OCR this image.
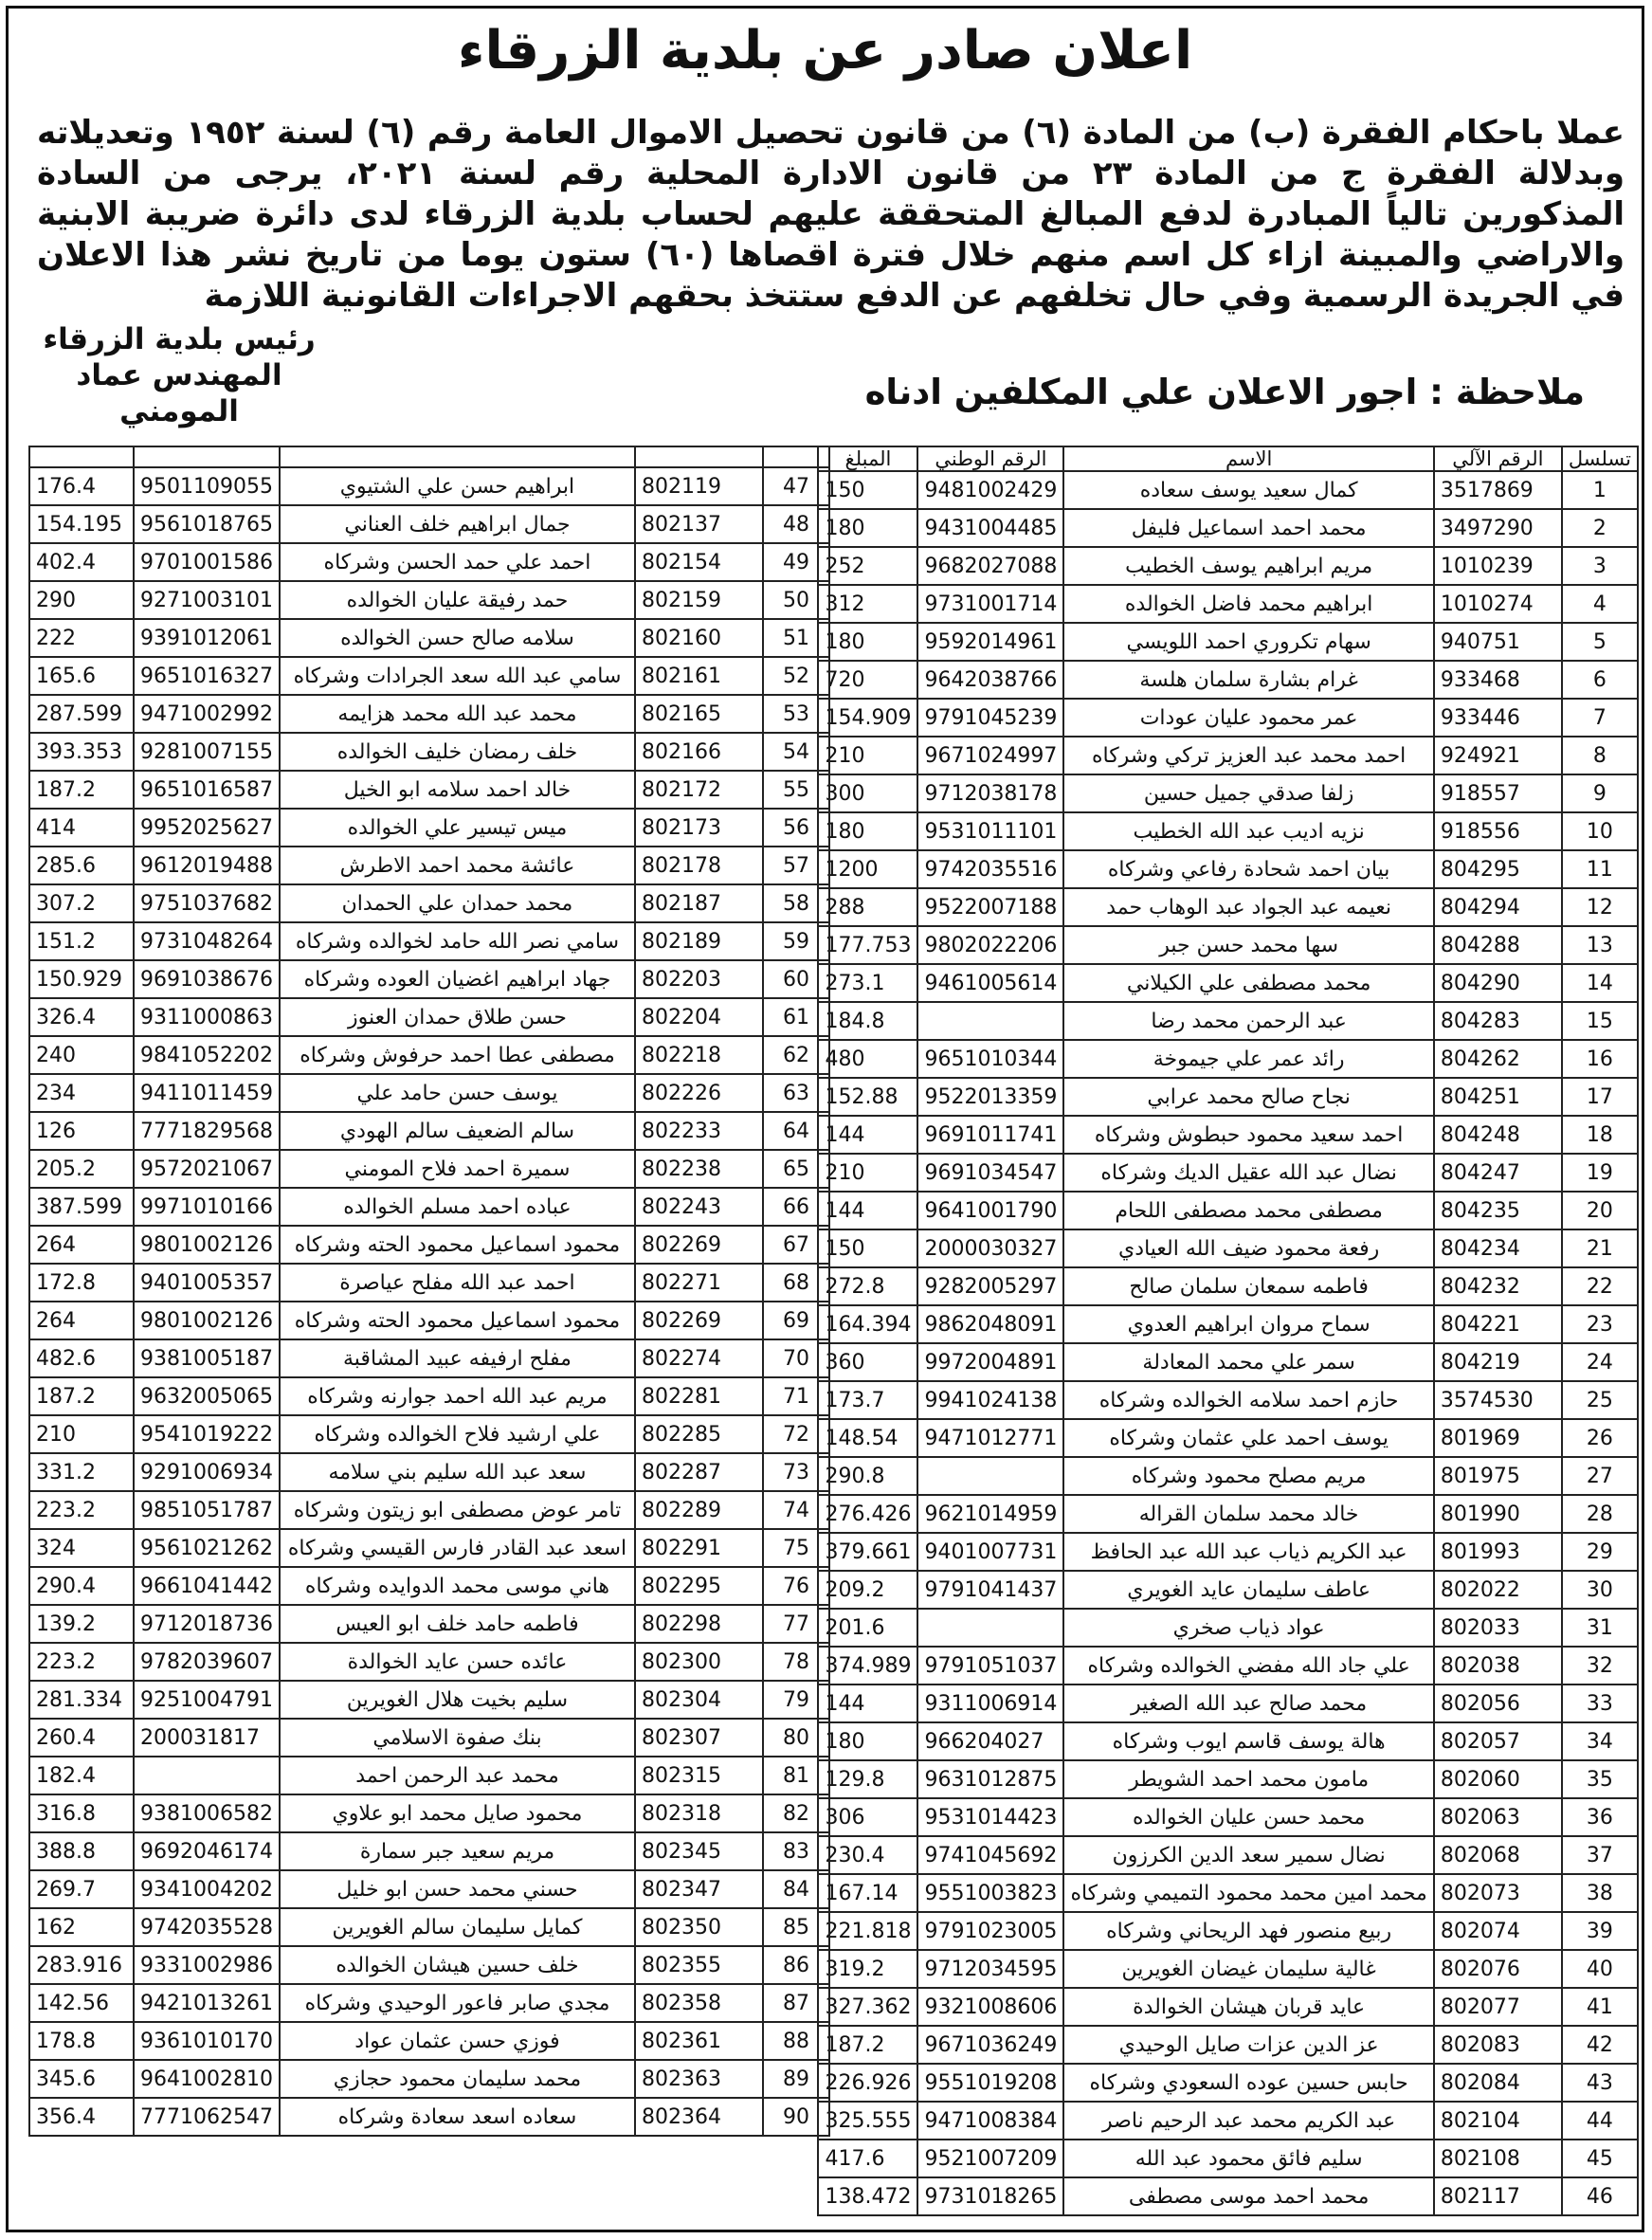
اعلان صادر عن بلدية الزرقاء
عملا باحكام الفقرة (ب) من المادة (٦) من قانون تحصيل الاموال العامة رقم (٦) لسنة ١٩٥٢ وتعديلاته وبدلالة الفقرة ج من المادة ٢٣ من قانون الادارة المحلية رقم لسنة ٢٠٢١، يرجى من السادة المذكورين تالياً المبادرة لدفع المبالغ المتحققة عليهم لحساب بلدية الزرقاء لدى دائرة ضريبة الابنية والاراضي والمبينة ازاء كل اسم منهم خلال فترة اقصاها (٦٠) ستون يوما من تاريخ نشر هذا الاعلان في الجريدة الرسمية وفي حال تخلفهم عن الدفع ستتخذ بحقهم الاجراءات القانونية اللازمة
رئيس بلدية الزرقاء
المهندس عماد المومني	ملاحظة : اجور الاعلان علي المكلفين ادناه
تسلسل	الرقم الآلي	الاسم	الرقم الوطني	المبلغ
1	3517869	كمال سعيد يوسف سعاده	9481002429	150
2	3497290	محمد احمد اسماعيل فليفل	9431004485	180
3	1010239	مريم ابراهيم يوسف الخطيب	9682027088	252
4	1010274	ابراهيم محمد فاضل الخوالده	9731001714	312
5	940751	سهام تكروري احمد اللويسي	9592014961	180
6	933468	غرام بشارة سلمان هلسة	9642038766	720
7	933446	عمر محمود عليان عودات	9791045239	154.909
8	924921	احمد محمد عبد العزيز تركي وشركاه	9671024997	210
9	918557	زلفا صدقي جميل حسين	9712038178	300
10	918556	نزيه اديب عبد الله الخطيب	9531011101	180
11	804295	بيان احمد شحادة رفاعي وشركاه	9742035516	1200
12	804294	نعيمه عبد الجواد عبد الوهاب حمد	9522007188	288
13	804288	سها محمد حسن جبر	9802022206	177.753
14	804290	محمد مصطفى علي الكيلاني	9461005614	273.1
15	804283	عبد الرحمن محمد رضا		184.8
16	804262	رائد عمر علي جيموخة	9651010344	480
17	804251	نجاح صالح محمد عرابي	9522013359	152.88
18	804248	احمد سعيد محمود حبطوش وشركاه	9691011741	144
19	804247	نضال عبد الله عقيل الديك وشركاه	9691034547	210
20	804235	مصطفى محمد مصطفى اللحام	9641001790	144
21	804234	رفعة محمود ضيف الله العيادي	2000030327	150
22	804232	فاطمه سمعان سلمان صالح	9282005297	272.8
23	804221	سماح مروان ابراهيم العدوي	9862048091	164.394
24	804219	سمر علي محمد المعادلة	9972004891	360
25	3574530	حازم احمد سلامه الخوالده وشركاه	9941024138	173.7
26	801969	يوسف احمد علي عثمان وشركاه	9471012771	148.54
27	801975	مريم مصلح محمود وشركاه		290.8
28	801990	خالد محمد سلمان القراله	9621014959	276.426
29	801993	عبد الكريم ذياب عبد الله عبد الحافظ	9401007731	379.661
30	802022	عاطف سليمان عايد الغويري	9791041437	209.2
31	802033	عواد ذياب صخري		201.6
32	802038	علي جاد الله مفضي الخوالده وشركاه	9791051037	374.989
33	802056	محمد صالح عبد الله الصغير	9311006914	144
34	802057	هالة يوسف قاسم ايوب وشركاه	966204027	180
35	802060	مامون محمد احمد الشويطر	9631012875	129.8
36	802063	محمد حسن عليان الخوالده	9531014423	306
37	802068	نضال سمير سعد الدين الكرزون	9741045692	230.4
38	802073	محمد امين محمد محمود التميمي وشركاه	9551003823	167.14
39	802074	ربيع منصور فهد الريحاني وشركاه	9791023005	221.818
40	802076	غالية سليمان غيضان الغويرين	9712034595	319.2
41	802077	عايد قربان هيشان الخوالدة	9321008606	327.362
42	802083	عز الدين عزات صايل الوحيدي	9671036249	187.2
43	802084	حابس حسين عوده السعودي وشركاه	9551019208	226.926
44	802104	عبد الكريم محمد عبد الرحيم ناصر	9471008384	325.555
45	802108	سليم فائق محمود عبد الله	9521007209	417.6
46	802117	محمد احمد موسى مصطفى	9731018265	138.472

47	802119	ابراهيم حسن علي الشتيوي	9501109055	176.4
48	802137	جمال ابراهيم خلف العناني	9561018765	154.195
49	802154	احمد علي حمد الحسن وشركاه	9701001586	402.4
50	802159	حمد رفيقة عليان الخوالده	9271003101	290
51	802160	سلامه صالح حسن الخوالده	9391012061	222
52	802161	سامي عبد الله سعد الجرادات وشركاه	9651016327	165.6
53	802165	محمد عبد الله محمد هزايمه	9471002992	287.599
54	802166	خلف رمضان خليف الخوالده	9281007155	393.353
55	802172	خالد احمد سلامه ابو الخيل	9651016587	187.2
56	802173	ميس تيسير علي الخوالده	9952025627	414
57	802178	عائشة محمد احمد الاطرش	9612019488	285.6
58	802187	محمد حمدان علي الحمدان	9751037682	307.2
59	802189	سامي نصر الله حامد لخوالده وشركاه	9731048264	151.2
60	802203	جهاد ابراهيم اغضيان العوده وشركاه	9691038676	150.929
61	802204	حسن طلاق حمدان العنوز	9311000863	326.4
62	802218	مصطفى عطا احمد حرفوش وشركاه	9841052202	240
63	802226	يوسف حسن حامد علي	9411011459	234
64	802233	سالم الضعيف سالم الهودي	7771829568	126
65	802238	سميرة احمد فلاح المومني	9572021067	205.2
66	802243	عباده احمد مسلم الخوالده	9971010166	387.599
67	802269	محمود اسماعيل محمود الحته وشركاه	9801002126	264
68	802271	احمد عبد الله مفلح عياصرة	9401005357	172.8
69	802269	محمود اسماعيل محمود الحته وشركاه	9801002126	264
70	802274	مفلح ارفيفه عبيد المشاقبة	9381005187	482.6
71	802281	مريم عبد الله احمد جوارنه وشركاه	9632005065	187.2
72	802285	علي ارشيد فلاح الخوالده وشركاه	9541019222	210
73	802287	سعد عبد الله سليم بني سلامه	9291006934	331.2
74	802289	تامر عوض مصطفى ابو زيتون وشركاه	9851051787	223.2
75	802291	اسعد عبد القادر فارس القيسي وشركاه	9561021262	324
76	802295	هاني موسى محمد الدوايده وشركاه	9661041442	290.4
77	802298	فاطمه حامد خلف ابو العيس	9712018736	139.2
78	802300	عائده حسن عايد الخوالدة	9782039607	223.2
79	802304	سليم بخيت هلال الغويرين	9251004791	281.334
80	802307	بنك صفوة الاسلامي	200031817	260.4
81	802315	محمد عبد الرحمن احمد		182.4
82	802318	محمود صايل محمد ابو علاوي	9381006582	316.8
83	802345	مريم سعيد جبر سمارة	9692046174	388.8
84	802347	حسني محمد حسن ابو خليل	9341004202	269.7
85	802350	كمايل سليمان سالم الغويرين	9742035528	162
86	802355	خلف حسين هيشان الخوالده	9331002986	283.916
87	802358	مجدي صابر فاعور الوحيدي وشركاه	9421013261	142.56
88	802361	فوزي حسن عثمان عواد	9361010170	178.8
89	802363	محمد سليمان محمود حجازي	9641002810	345.6
90	802364	سعاده اسعد سعادة وشركاه	7771062547	356.4
